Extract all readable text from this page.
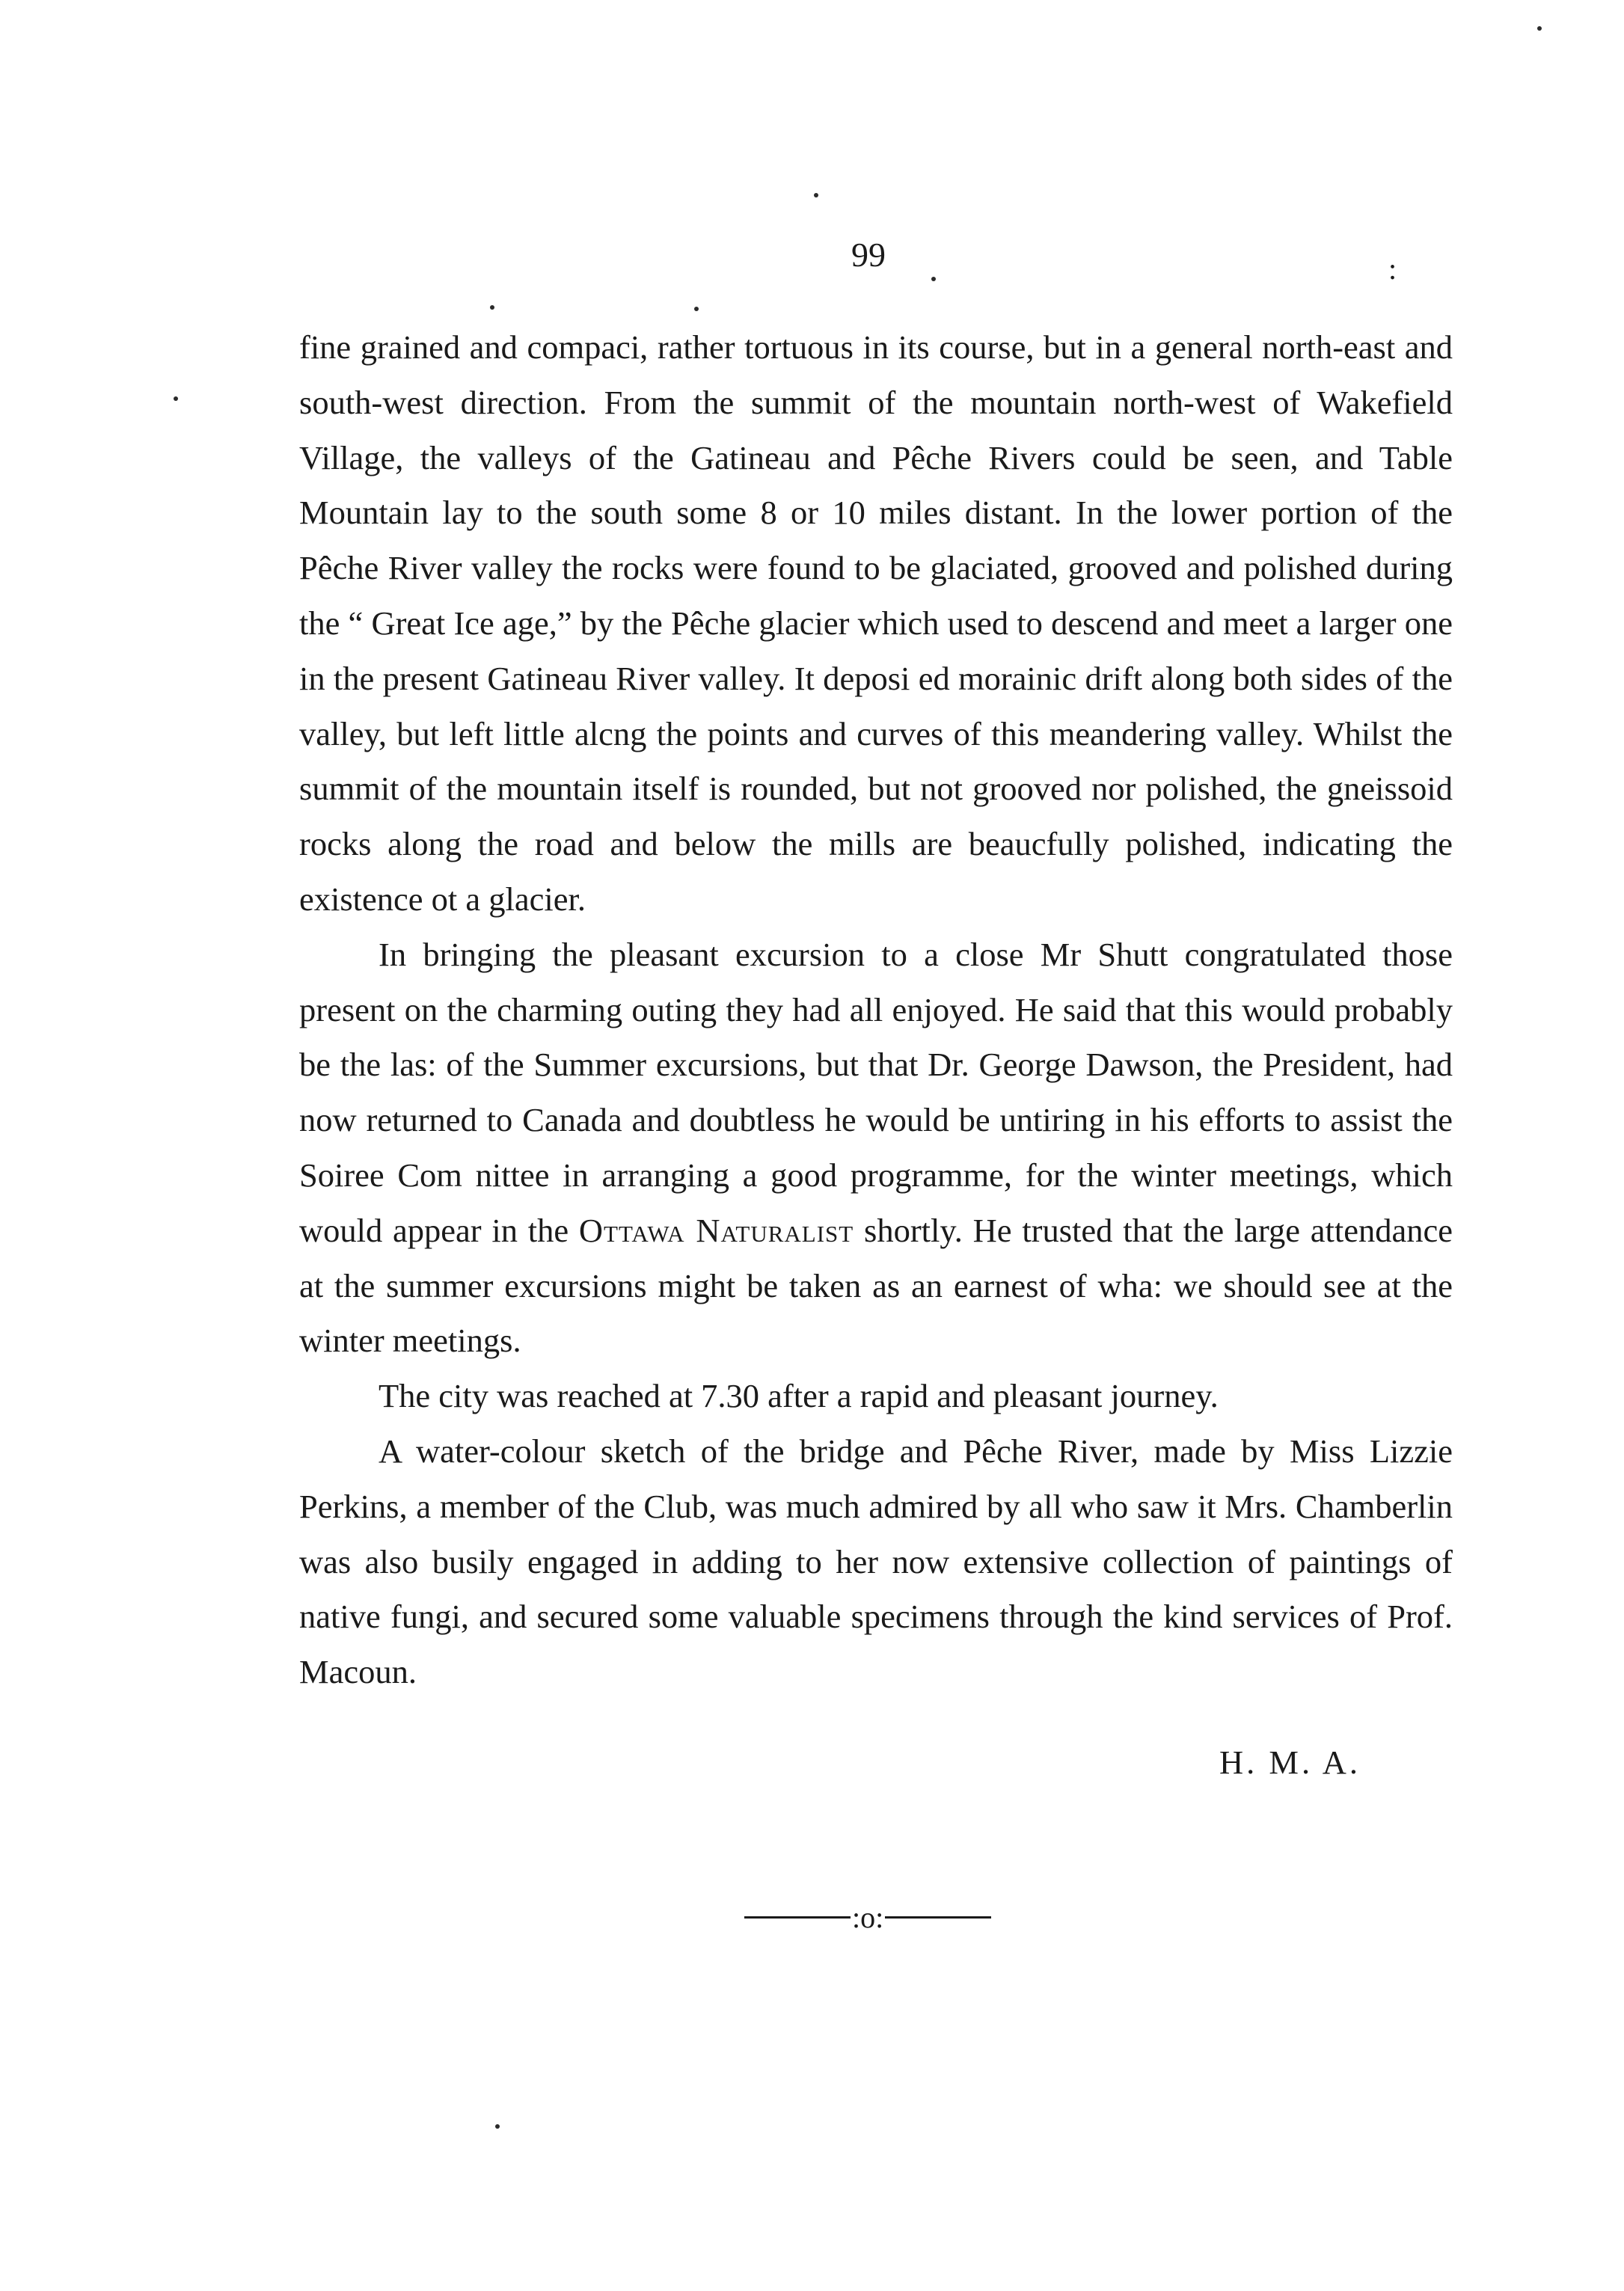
99	:

fine grained and compaci, rather tortuous in its course, but in a general north-east and south-west direction. From the summit of the mountain north-west of Wakefield Village, the valleys of the Gatineau and Pêche Rivers could be seen, and Table Mountain lay to the south some 8 or 10 miles distant. In the lower portion of the Pêche River valley the rocks were found to be glaciated, grooved and polished during the “ Great Ice age,” by the Pêche glacier which used to descend and meet a larger one in the present Gatineau River valley. It deposi ed morainic drift along both sides of the valley, but left little alcng the points and curves of this meandering valley. Whilst the summit of the mountain itself is rounded, but not grooved nor polished, the gneissoid rocks along the road and below the mills are beaucfully polished, indicating the existence ot a glacier.

In bringing the pleasant excursion to a close Mr Shutt congratulated those present on the charming outing they had all enjoyed. He said that this would probably be the las: of the Summer excursions, but that Dr. George Dawson, the President, had now returned to Canada and doubtless he would be untiring in his efforts to assist the Soiree Com nittee in arranging a good programme, for the winter meetings, which would appear in the Ottawa Naturalist shortly. He trusted that the large attendance at the summer excursions might be taken as an earnest of wha: we should see at the winter meetings.

The city was reached at 7.30 after a rapid and pleasant journey.

A water-colour sketch of the bridge and Pêche River, made by Miss Lizzie Perkins, a member of the Club, was much admired by all who saw it Mrs. Chamberlin was also busily engaged in adding to her now extensive collection of paintings of native fungi, and secured some valuable specimens through the kind services of Prof. Macoun.

H. M. A.
:o:
